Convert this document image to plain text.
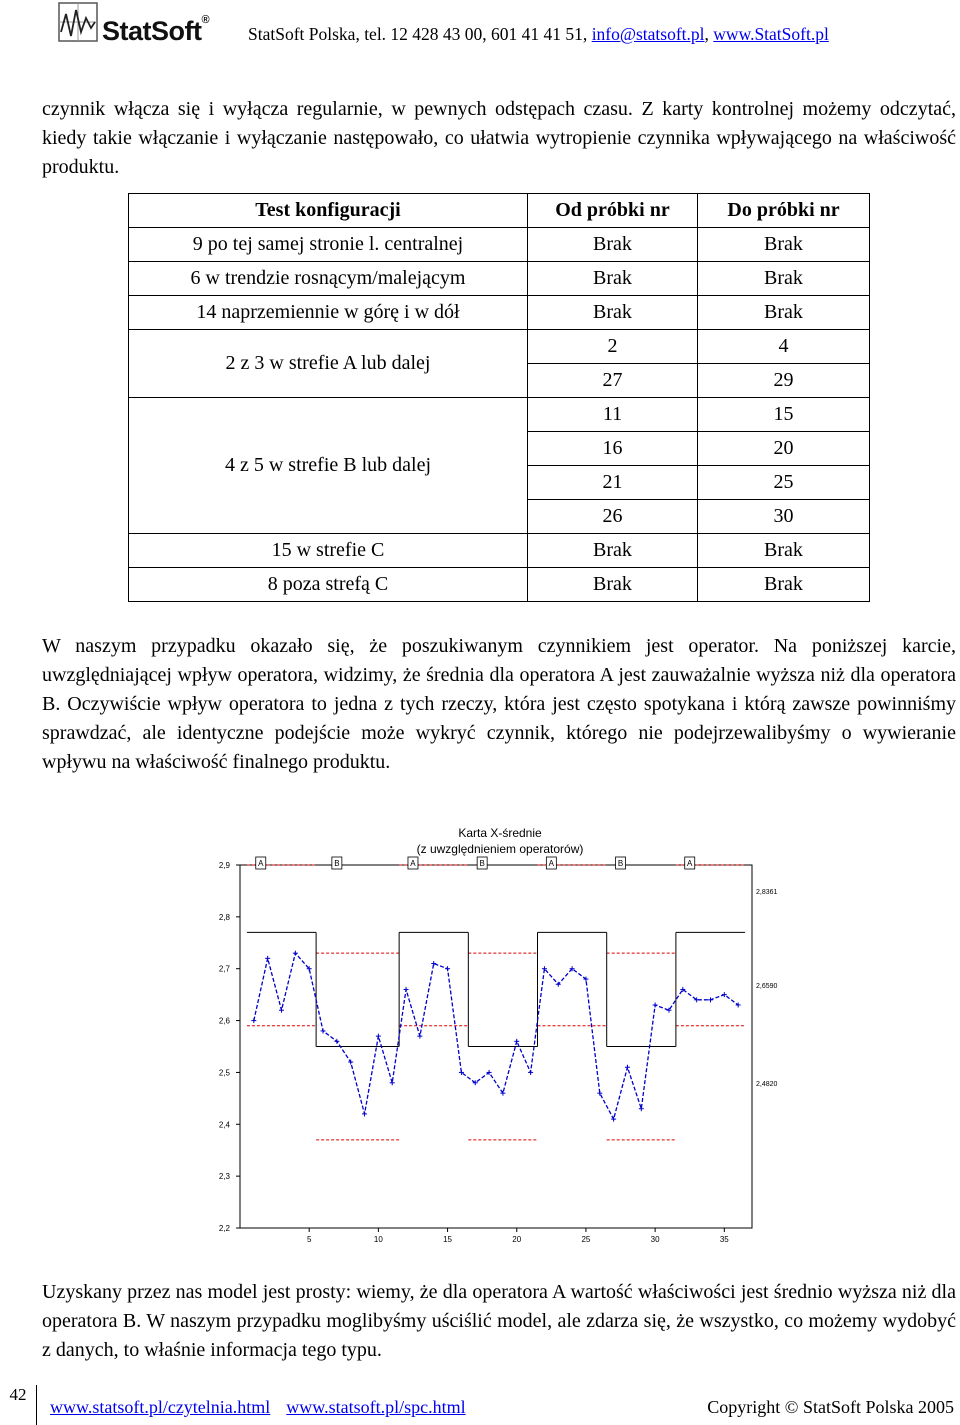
StatSoft®
StatSoft Polska, tel. 12 428 43 00, 601 41 41 51, info@statsoft.pl, www.StatSoft.pl

czynnik włącza się i wyłącza regularnie, w pewnych odstępach czasu. Z karty kontrolnej możemy odczytać, kiedy takie włączanie i wyłączanie następowało, co ułatwia wytropienie czynnika wpływającego na właściwość produktu.

Test konfiguracji	Od próbki nr	Do próbki nr
9 po tej samej stronie l. centralnej	Brak	Brak
6 w trendzie rosnącym/malejącym	Brak	Brak
14 naprzemiennie w górę i w dół	Brak	Brak
2 z 3 w strefie A lub dalej	2	4
	27	29
4 z 5 w strefie B lub dalej	11	15
	16	20
	21	25
	26	30
15 w strefie C	Brak	Brak
8 poza strefą C	Brak	Brak

W naszym przypadku okazało się, że poszukiwanym czynnikiem jest operator. Na poniższej karcie, uwzględniającej wpływ operatora, widzimy, że średnia dla operatora A jest zauważalnie wyższa niż dla operatora B. Oczywiście wpływ operatora to jedna z tych rzeczy, która jest często spotykana i którą zawsze powinniśmy sprawdzać, ale identyczne podejście może wykryć czynnik, którego nie podejrzewalibyśmy o wywieranie wpływu na właściwość finalnego produktu.

Karta X-średnie
(z uwzględnieniem operatorów)
2,2
2,3
2,4
2,5
2,6
2,7
2,8
2,9
5	10	15	20	25	30	35
A	B	A	B	A	B	A
2,8361
2,6590
2,4820

Uzyskany przez nas model jest prosty: wiemy, że dla operatora A wartość właściwości jest średnio wyższa niż dla operatora B. W naszym przypadku moglibyśmy uściślić model, ale zdarza się, że wszystko, co możemy wydobyć z danych, to właśnie informacja tego typu.

42
www.statsoft.pl/czytelnia.html www.statsoft.pl/spc.html	Copyright © StatSoft Polska 2005
